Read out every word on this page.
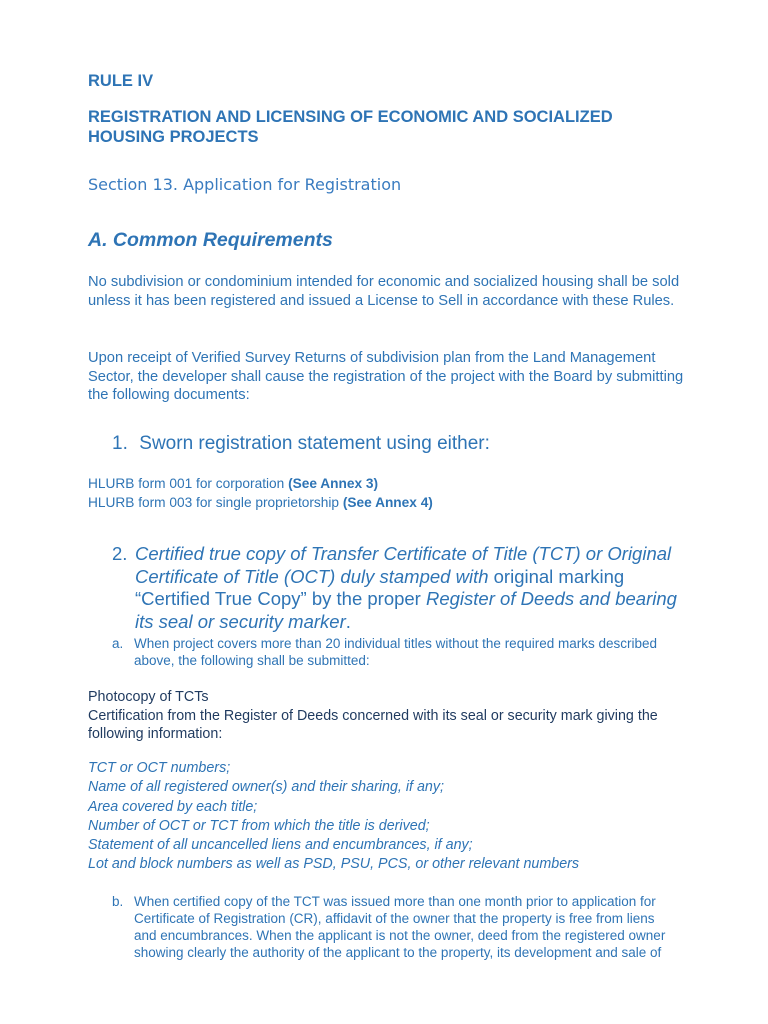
RULE IV
REGISTRATION AND LICENSING OF ECONOMIC AND SOCIALIZED HOUSING PROJECTS
Section 13. Application for Registration
A. Common Requirements
No subdivision or condominium intended for economic and socialized housing shall be sold unless it has been registered and issued a License to Sell in accordance with these Rules.
Upon receipt of Verified Survey Returns of subdivision plan from the Land Management Sector, the developer shall cause the registration of the project with the Board by submitting the following documents:
1. Sworn registration statement using either:
HLURB form 001 for corporation (See Annex 3)
HLURB form 003 for single proprietorship (See Annex 4)
2. Certified true copy of Transfer Certificate of Title (TCT) or Original Certificate of Title (OCT) duly stamped with original marking “Certified True Copy” by the proper Register of Deeds and bearing its seal or security marker.
a. When project covers more than 20 individual titles without the required marks described above, the following shall be submitted:
Photocopy of TCTs
Certification from the Register of Deeds concerned with its seal or security mark giving the following information:
TCT or OCT numbers;
Name of all registered owner(s) and their sharing, if any;
Area covered by each title;
Number of OCT or TCT from which the title is derived;
Statement of all uncancelled liens and encumbrances, if any;
Lot and block numbers as well as PSD, PSU, PCS, or other relevant numbers
b. When certified copy of the TCT was issued more than one month prior to application for Certificate of Registration (CR), affidavit of the owner that the property is free from liens and encumbrances. When the applicant is not the owner, deed from the registered owner showing clearly the authority of the applicant to the property, its development and sale of
